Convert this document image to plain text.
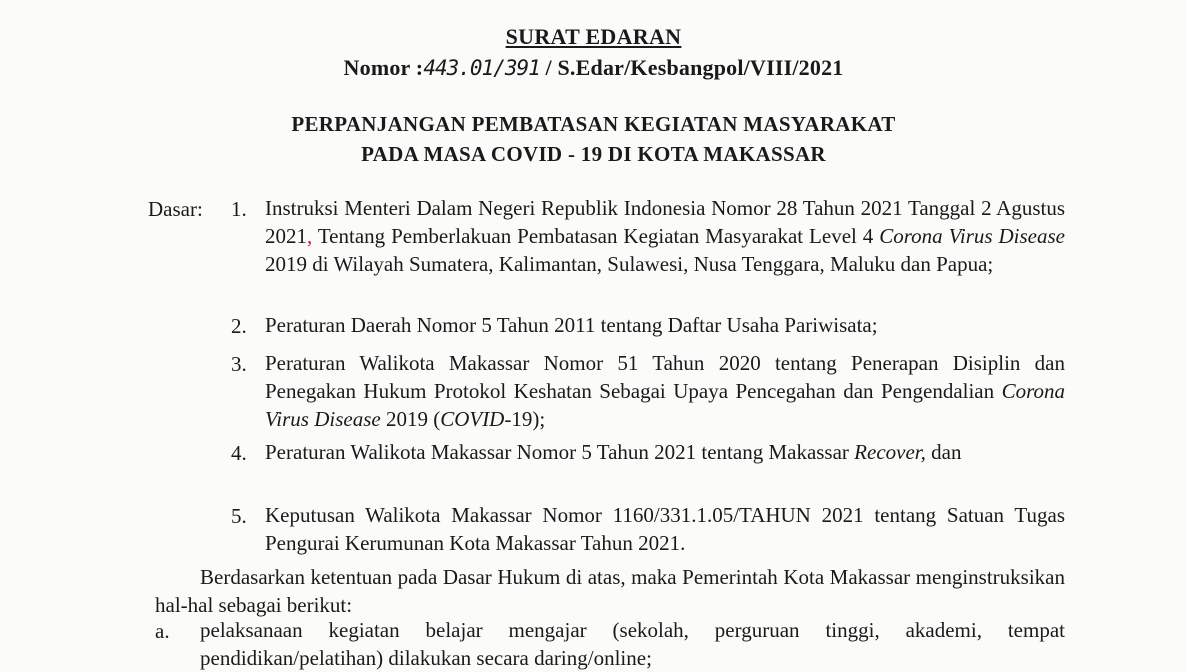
SURAT EDARAN
Nomor :443.01/391 / S.Edar/Kesbangpol/VIII/2021
PERPANJANGAN PEMBATASAN KEGIATAN MASYARAKAT
PADA MASA COVID - 19 DI KOTA MAKASSAR
Dasar: 1. Instruksi Menteri Dalam Negeri Republik Indonesia Nomor 28 Tahun 2021 Tanggal 2 Agustus 2021, Tentang Pemberlakuan Pembatasan Kegiatan Masyarakat Level 4 Corona Virus Disease 2019 di Wilayah Sumatera, Kalimantan, Sulawesi, Nusa Tenggara, Maluku dan Papua;
2. Peraturan Daerah Nomor 5 Tahun 2011 tentang Daftar Usaha Pariwisata;
3. Peraturan Walikota Makassar Nomor 51 Tahun 2020 tentang Penerapan Disiplin dan Penegakan Hukum Protokol Keshatan Sebagai Upaya Pencegahan dan Pengendalian Corona Virus Disease 2019 (COVID-19);
4. Peraturan Walikota Makassar Nomor 5 Tahun 2021 tentang Makassar Recover, dan
5. Keputusan Walikota Makassar Nomor 1160/331.1.05/TAHUN 2021 tentang Satuan Tugas Pengurai Kerumunan Kota Makassar Tahun 2021.
Berdasarkan ketentuan pada Dasar Hukum di atas, maka Pemerintah Kota Makassar menginstruksikan hal-hal sebagai berikut:
a. pelaksanaan kegiatan belajar mengajar (sekolah, perguruan tinggi, akademi, tempat pendidikan/pelatihan) dilakukan secara daring/online;
